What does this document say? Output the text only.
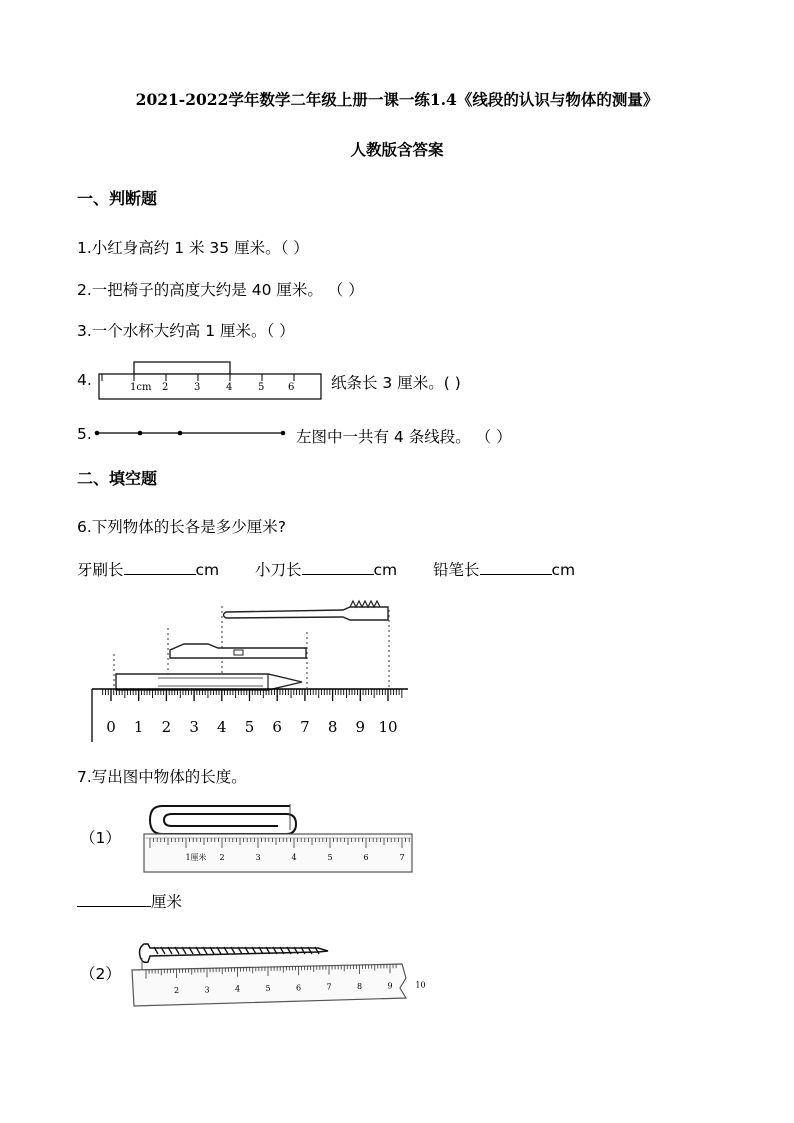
2021-2022学年数学二年级上册一课一练1.4《线段的认识与物体的测量》
人教版含答案
一、判断题
1.小红身高约 1 米 35 厘米。（ ）
2.一把椅子的高度大约是 40 厘米。 （ ）
3.一个水杯大约高 1 厘米。（ ）
4.	1cm 2	3	4	5 6 纸条长 3 厘米。( )
5.	左图中一共有 4 条线段。 （ ）
二、填空题
6.下列物体的长各是多少厘米?
牙刷长	cm 小刀长	cm 铅笔长	cm
0 1 2 3 4 5 6 7 8 9 10
7.写出图中物体的长度。
（1）
1厘米 2	3	4	5	6	7
厘米
（2）
2	3	4	5	6	7	8	9	10
